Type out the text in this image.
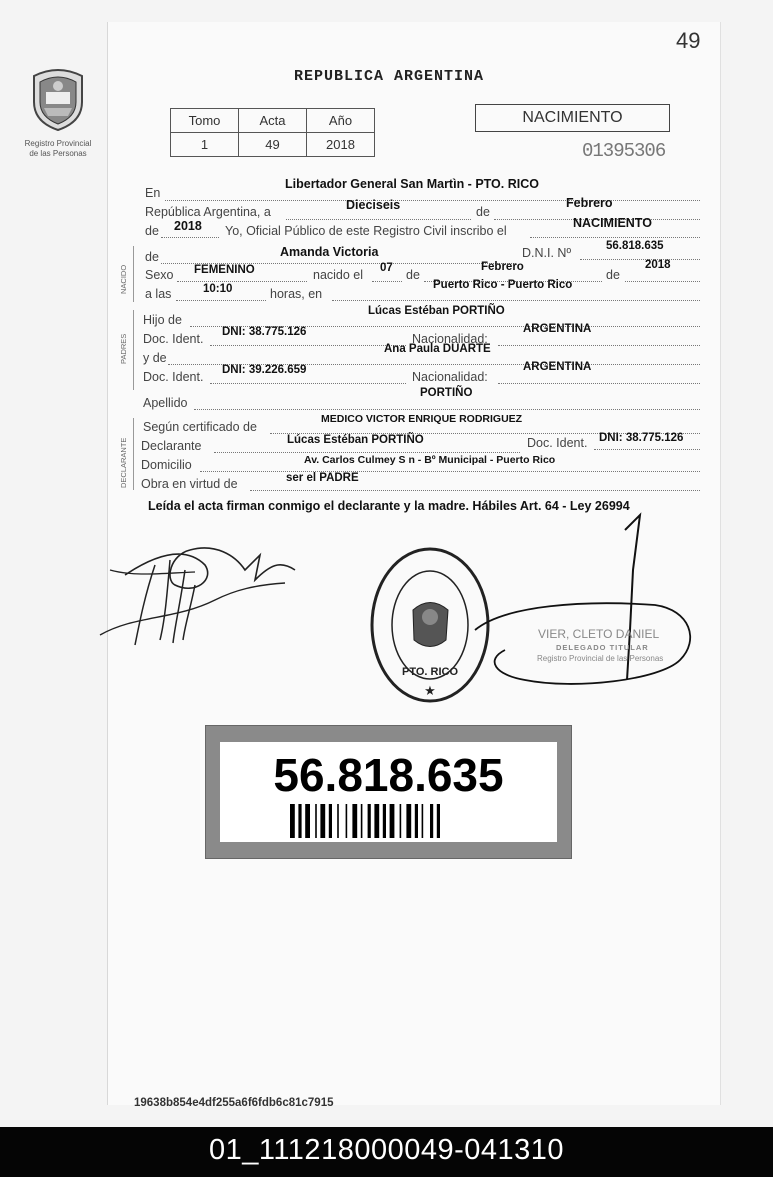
49
Registro Provincial
de las Personas
REPUBLICA ARGENTINA
Tomo	Acta	Año
1	49	2018
NACIMIENTO
01395306
NACIDO
PADRES
DECLARANTE
En
Libertador General San Martìn - PTO. RICO
República Argentina, a	Dieciseis	de
Febrero
de 2018 Yo, Oficial Público de este Registro Civil inscribo el
NACIMIENTO
de	Amanda Victoria	D.N.I. Nº	56.818.635
Sexo FEMENINO	nacido el 07 de
Febrero
de
2018
a las	10:10	horas, en
Puerto Rico - Puerto Rico
Hijo de
Lúcas Estéban PORTIÑO
Doc. Ident. DNI: 38.775.126	Nacionalidad:
ARGENTINA
y de
Ana Paula DUARTE
Doc. Ident. DNI: 39.226.659	Nacionalidad:
ARGENTINA
Apellido
PORTIÑO
Según certificado de
MEDICO VICTOR ENRIQUE RODRIGUEZ
Declarante	Lúcas Estéban PORTIÑO	Doc. Ident. DNI: 38.775.126
Domicilio	Av. Carlos Culmey S n - Bº Municipal - Puerto Rico
Obra en virtud de	ser el PADRE
Leída el acta firman conmigo el declarante y la madre. Hábiles Art. 64 - Ley 26994
PTO. RICO
★
VIER, CLETO DANIEL
DELEGADO TITULAR
Registro Provincial de las Personas
56.818.635
19638b854e4df255a6f6fdb6c81c7915
01_111218000049-041310
